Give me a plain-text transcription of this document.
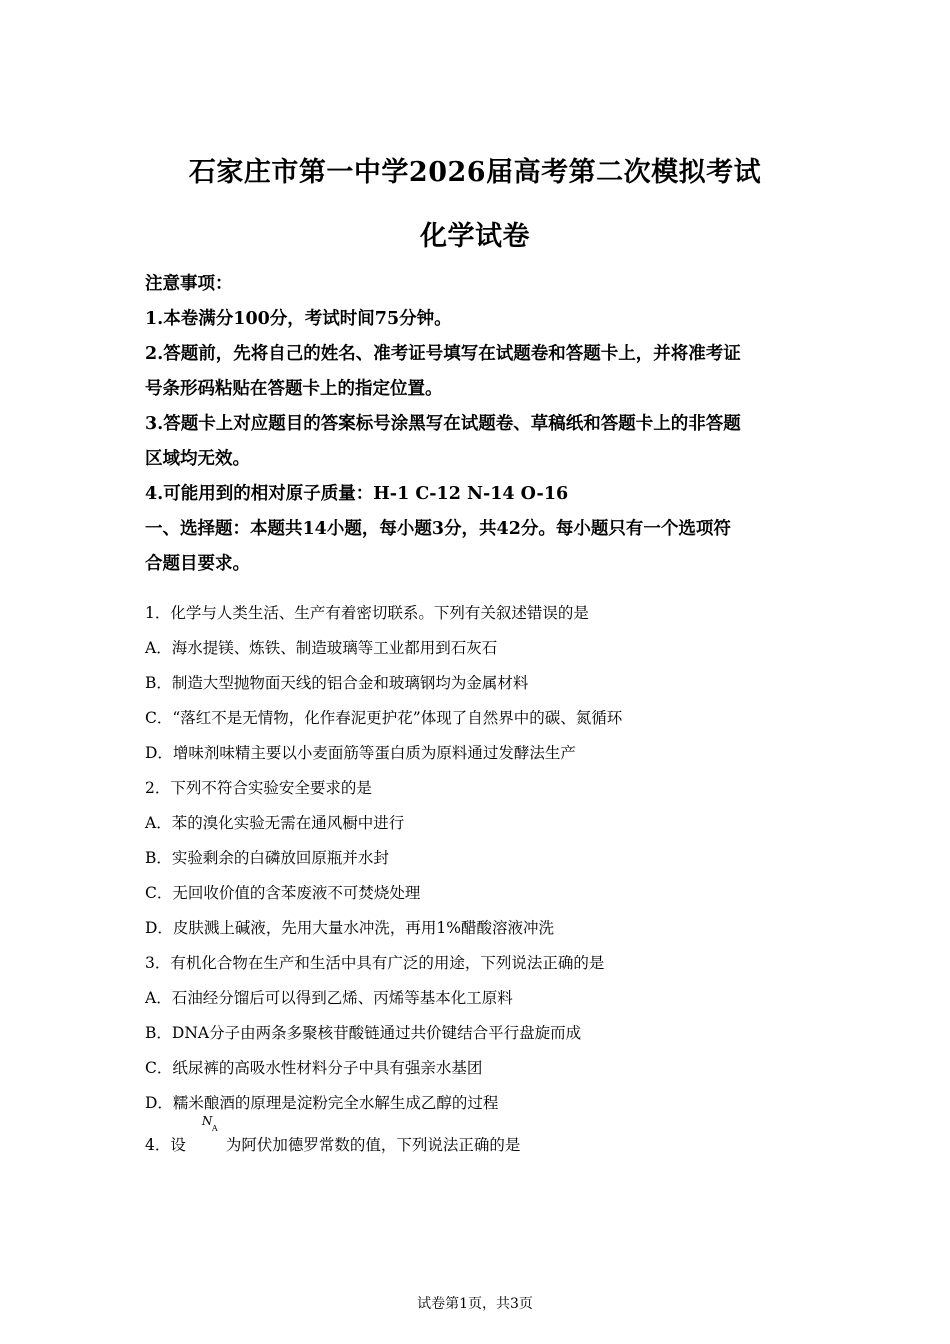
石家庄市第一中学2026届高考第二次模拟考试
化学试卷
注意事项：
1.本卷满分100分，考试时间75分钟。
2.答题前，先将自己的姓名、准考证号填写在试题卷和答题卡上，并将准考证
号条形码粘贴在答题卡上的指定位置。
3.答题卡上对应题目的答案标号涂黑写在试题卷、草稿纸和答题卡上的非答题
区域均无效。
4.可能用到的相对原子质量：H-1 C-12 N-14 O-16
一、选择题：本题共14小题，每小题3分，共42分。每小题只有一个选项符
合题目要求。
1．化学与人类生活、生产有着密切联系。下列有关叙述错误的是
A．海水提镁、炼铁、制造玻璃等工业都用到石灰石
B．制造大型抛物面天线的铝合金和玻璃钢均为金属材料
C．“落红不是无情物，化作春泥更护花”体现了自然界中的碳、氮循环
D．增味剂味精主要以小麦面筋等蛋白质为原料通过发酵法生产
2．下列不符合实验安全要求的是
A．苯的溴化实验无需在通风橱中进行
B．实验剩余的白磷放回原瓶并水封
C．无回收价值的含苯废液不可焚烧处理
D．皮肤溅上碱液，先用大量水冲洗，再用1%醋酸溶液冲洗
3．有机化合物在生产和生活中具有广泛的用途，下列说法正确的是
A．石油经分馏后可以得到乙烯、丙烯等基本化工原料
B．DNA分子由两条多聚核苷酸链通过共价键结合平行盘旋而成
C．纸尿裤的高吸水性材料分子中具有强亲水基团
D．糯米酿酒的原理是淀粉完全水解生成乙醇的过程
4．设
N
A
为阿伏加德罗常数的值，下列说法正确的是
试卷第1页，共3页
